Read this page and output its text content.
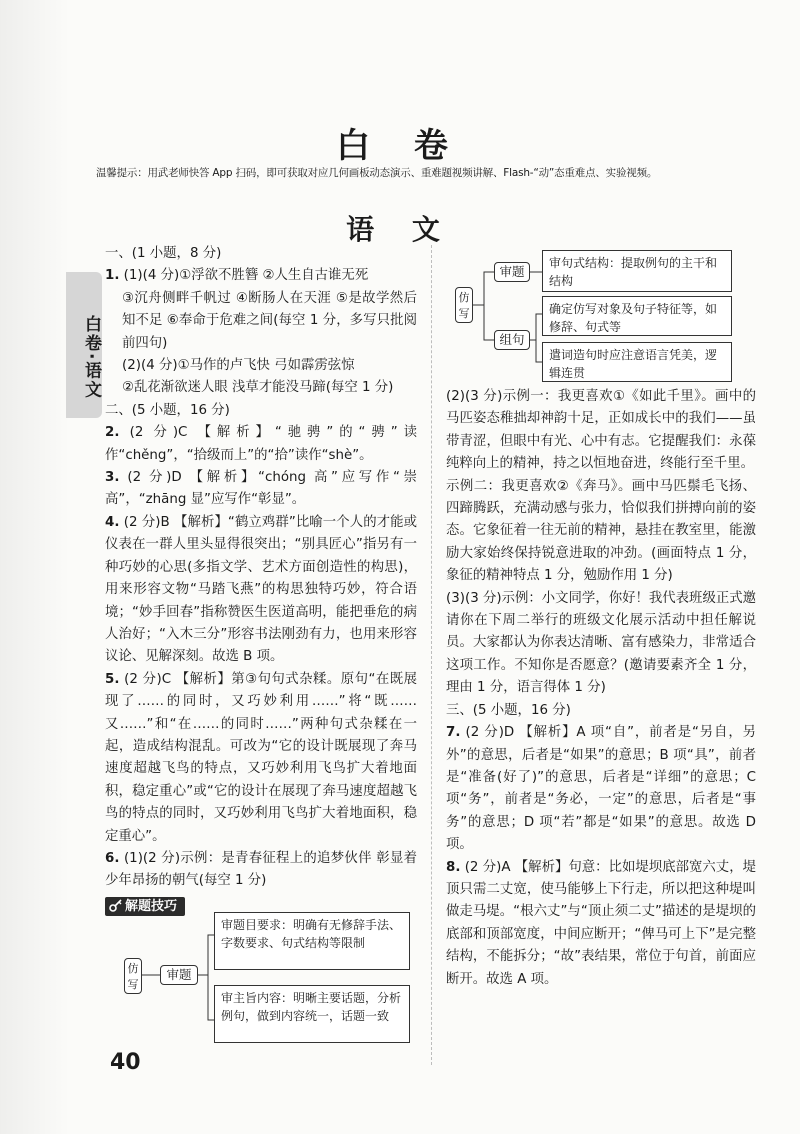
白 卷
温馨提示：用武老师快答 App 扫码，即可获取对应几何画板动态演示、重难题视频讲解、Flash-“动”态重难点、实验视频。
语 文
白卷·语文

一、(1 小题，8 分)

1. (1)(4 分)①浮欲不胜簪 ②人生自古谁无死

③沉舟侧畔千帆过 ④断肠人在天涯 ⑤是故学然后知不足 ⑥奉命于危难之间(每空 1 分，多写只批阅前四句)

(2)(4 分)①马作的卢飞快 弓如霹雳弦惊

②乱花渐欲迷人眼 浅草才能没马蹄(每空 1 分)

二、(5 小题，16 分)

2. (2 分)C 【解析】“驰骋”的“骋”读作“chěng”，“拾级而上”的“拾”读作“shè”。

3. (2 分)D 【解析】“chóng 高”应写作“崇高”，“zhāng 显”应写作“彰显”。

4. (2 分)B 【解析】“鹤立鸡群”比喻一个人的才能或仪表在一群人里头显得很突出；“别具匠心”指另有一种巧妙的心思(多指文学、艺术方面创造性的构思)，用来形容文物“马踏飞燕”的构思独特巧妙，符合语境；“妙手回春”指称赞医生医道高明，能把垂危的病人治好；“入木三分”形容书法刚劲有力，也用来形容议论、见解深刻。故选 B 项。

5. (2 分)C 【解析】第③句句式杂糅。原句“在既展现了……的同时，又巧妙利用……”将“既……又……”和“在……的同时……”两种句式杂糅在一起，造成结构混乱。可改为“它的设计既展现了奔马速度超越飞鸟的特点，又巧妙利用飞鸟扩大着地面积，稳定重心”或“它的设计在展现了奔马速度超越飞鸟的特点的同时，又巧妙利用飞鸟扩大着地面积，稳定重心”。

6. (1)(2 分)示例：是青春征程上的追梦伙伴 彰显着少年昂扬的朝气(每空 1 分)

解题技巧
仿写
审题
审题目要求：明确有无修辞手法、字数要求、句式结构等限制
审主旨内容：明晰主要话题，分析例句，做到内容统一，话题一致
40
仿写
审题
组句
审句式结构：提取例句的主干和结构
确定仿写对象及句子特征等，如修辞、句式等
遣词造句时应注意语言凭美，逻辑连贯

(2)(3 分)示例一：我更喜欢①《如此千里》。画中的马匹姿态稚拙却神韵十足，正如成长中的我们——虽带青涩，但眼中有光、心中有志。它提醒我们：永葆纯粹向上的精神，持之以恒地奋进，终能行至千里。

示例二：我更喜欢②《奔马》。画中马匹鬃毛飞扬、四蹄腾跃，充满动感与张力，恰似我们拼搏向前的姿态。它象征着一往无前的精神，悬挂在教室里，能激励大家始终保持锐意进取的冲劲。(画面特点 1 分，象征的精神特点 1 分，勉励作用 1 分)

(3)(3 分)示例：小文同学，你好！我代表班级正式邀请你在下周二举行的班级文化展示活动中担任解说员。大家都认为你表达清晰、富有感染力，非常适合这项工作。不知你是否愿意？(邀请要素齐全 1 分，理由 1 分，语言得体 1 分)

三、(5 小题，16 分)

7. (2 分)D 【解析】A 项“自”，前者是“另自，另外”的意思，后者是“如果”的意思；B 项“具”，前者是“准备(好了)”的意思，后者是“详细”的意思；C 项“务”，前者是“务必，一定”的意思，后者是“事务”的意思；D 项“若”都是“如果”的意思。故选 D 项。

8. (2 分)A 【解析】句意：比如堤坝底部宽六丈，堤顶只需二丈宽，使马能够上下行走，所以把这种堤叫做走马堤。“根六丈”与“顶止须二丈”描述的是堤坝的底部和顶部宽度，中间应断开；“俾马可上下”是完整结构，不能拆分；“故”表结果，常位于句首，前面应断开。故选 A 项。
